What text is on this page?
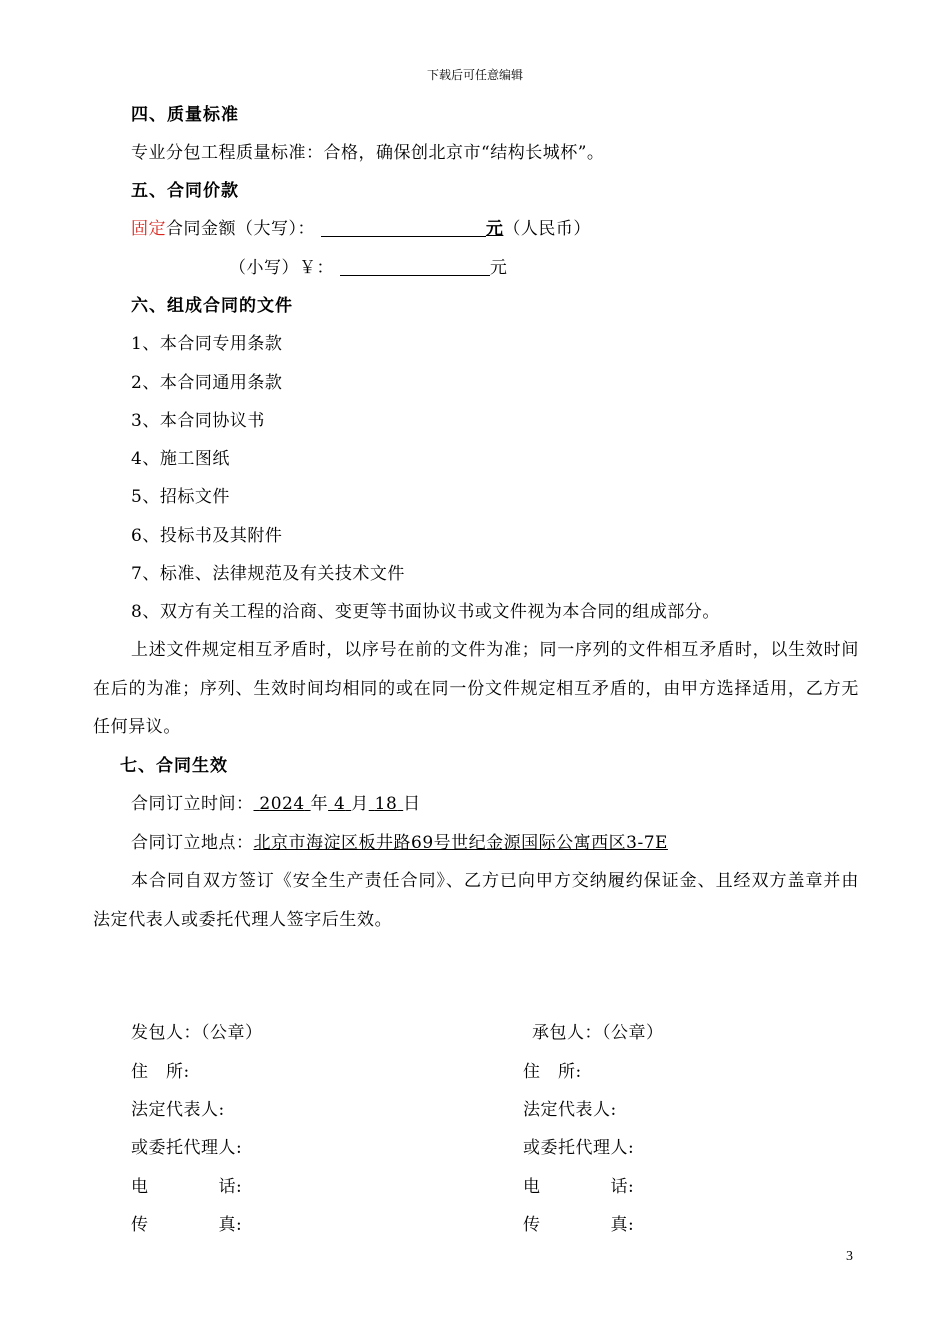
下载后可任意编辑
四、质量标准
专业分包工程质量标准：合格，确保创北京市“结构长城杯”。
五、合同价款
固定合同金额（大写）：	元（人民币）
（小写）￥：	元
六、组成合同的文件
1、本合同专用条款
2、本合同通用条款
3、本合同协议书
4、施工图纸
5、招标文件
6、投标书及其附件
7、标准、法律规范及有关技术文件
8、双方有关工程的洽商、变更等书面协议书或文件视为本合同的组成部分。
上述文件规定相互矛盾时，以序号在前的文件为准；同一序列的文件相互矛盾时，以生效时间在后的为准；序列、生效时间均相同的或在同一份文件规定相互矛盾的，由甲方选择适用，乙方无任何异议。
七、合同生效
合同订立时间： 2024 年 4 月 18 日
合同订立地点：北京市海淀区板井路69号世纪金源国际公寓西区3-7E
本合同自双方签订《安全生产责任合同》、乙方已向甲方交纳履约保证金、且经双方盖章并由法定代表人或委托代理人签字后生效。
发包人：（公章）
住　所:
法定代表人:
或委托代理人:
电　　　　话:
传　　　　真:
承包人：（公章）
住　所:
法定代表人:
或委托代理人:
电　　　　话:
传　　　　真:
3
